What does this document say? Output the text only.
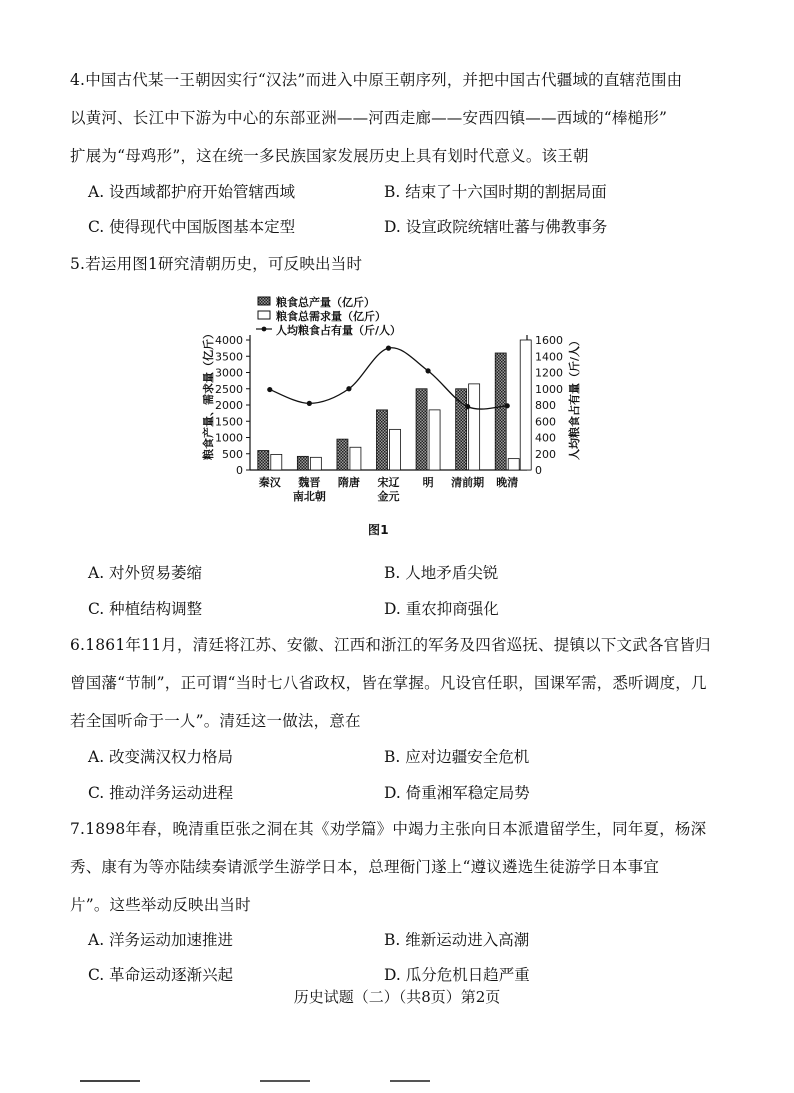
4.中国古代某一王朝因实行“汉法”而进入中原王朝序列，并把中国古代疆域的直辖范围由
以黄河、长江中下游为中心的东部亚洲——河西走廊——安西四镇——西域的“棒槌形”
扩展为“母鸡形”，这在统一多民族国家发展历史上具有划时代意义。该王朝
A. 设西域都护府开始管辖西域	B. 结束了十六国时期的割据局面
C. 使得现代中国版图基本定型	D. 设宣政院统辖吐蕃与佛教事务
5.若运用图1研究清朝历史，可反映出当时
0
500
1000
1500
2000
2500
3000
3500
4000
0
200
400
600
800
1000
1200
1400
1600
粮食产量、需求量（亿斤）
人均粮食占有量（斤/人）
秦汉 魏晋
南北朝
隋唐 宋辽
金元
明 清前期 晚清
粮食总产量（亿斤）
粮食总需求量（亿斤）
人均粮食占有量（斤/人）
图1
A. 对外贸易萎缩	B. 人地矛盾尖锐
C. 种植结构调整	D. 重农抑商强化
6.1861年11月，清廷将江苏、安徽、江西和浙江的军务及四省巡抚、提镇以下文武各官皆归
曾国藩“节制”，正可谓“当时七八省政权，皆在掌握。凡设官任职，国课军需，悉听调度，几
若全国听命于一人”。清廷这一做法，意在
A. 改变满汉权力格局	B. 应对边疆安全危机
C. 推动洋务运动进程	D. 倚重湘军稳定局势
7.1898年春，晚清重臣张之洞在其《劝学篇》中竭力主张向日本派遣留学生，同年夏，杨深
秀、康有为等亦陆续奏请派学生游学日本，总理衙门遂上“遵议遴选生徒游学日本事宜
片”。这些举动反映出当时
A. 洋务运动加速推进	B. 维新运动进入高潮
C. 革命运动逐渐兴起	D. 瓜分危机日趋严重
历史试题（二）（共8页）第2页
